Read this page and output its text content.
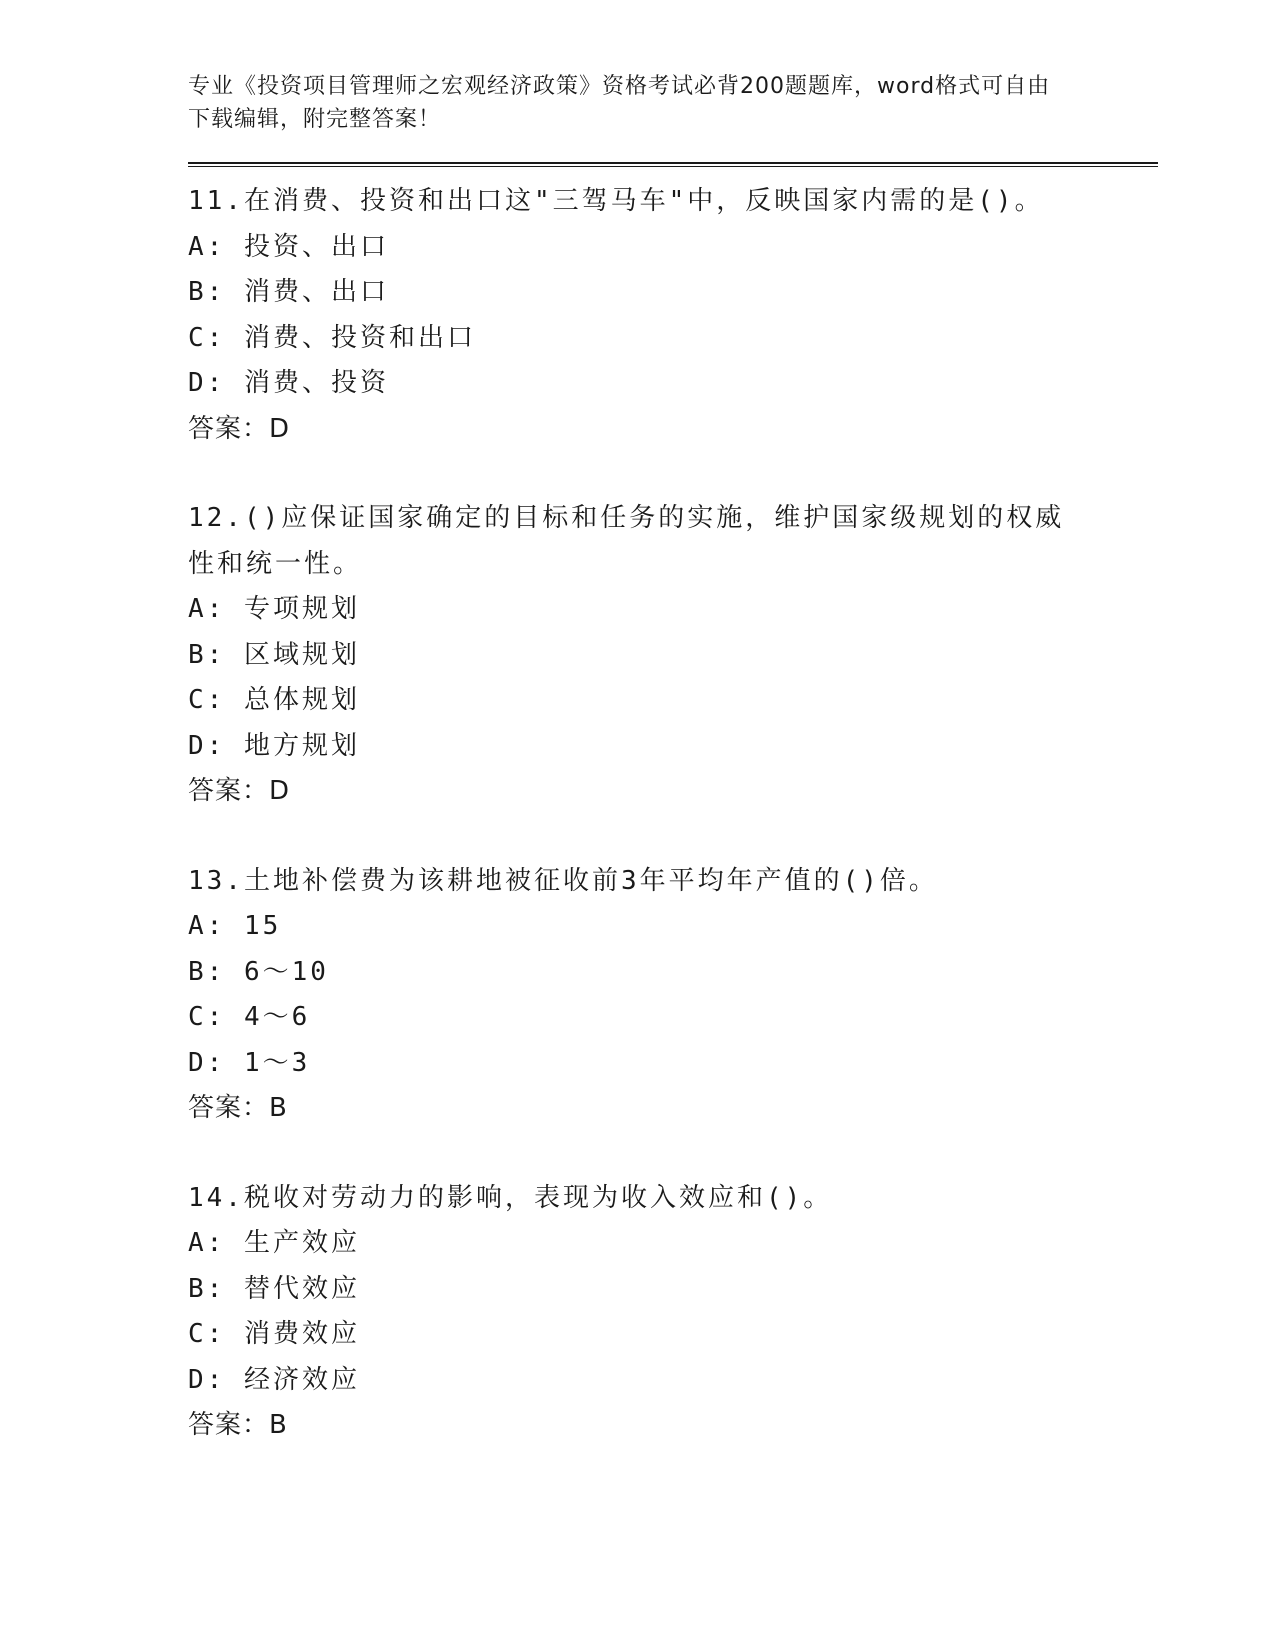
专业《投资项目管理师之宏观经济政策》资格考试必背200题题库，word格式可自由下载编辑，附完整答案！
11.在消费、投资和出口这"三驾马车"中，反映国家内需的是()。
A: 投资、出口
B: 消费、出口
C: 消费、投资和出口
D: 消费、投资
答案：D
12.()应保证国家确定的目标和任务的实施，维护国家级规划的权威性和统一性。
A: 专项规划
B: 区域规划
C: 总体规划
D: 地方规划
答案：D
13.土地补偿费为该耕地被征收前3年平均年产值的()倍。
A: 15
B: 6～10
C: 4～6
D: 1～3
答案：B
14.税收对劳动力的影响，表现为收入效应和()。
A: 生产效应
B: 替代效应
C: 消费效应
D: 经济效应
答案：B
